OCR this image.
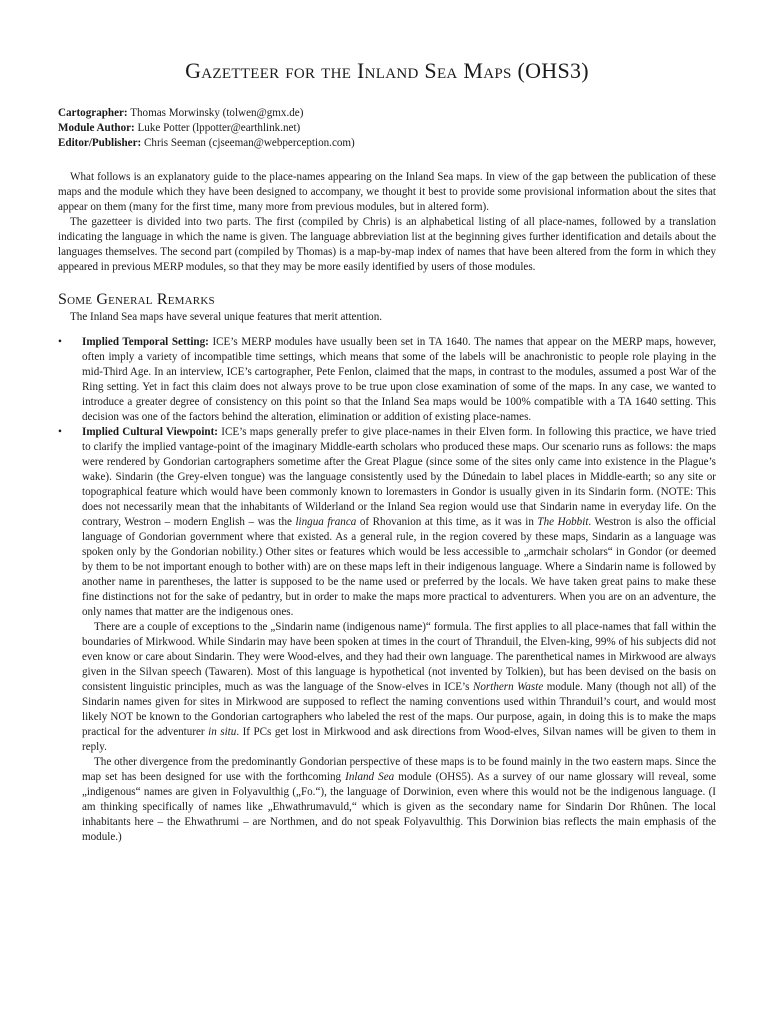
Gazetteer for the Inland Sea Maps (OHS3)
Cartographer: Thomas Morwinsky (tolwen@gmx.de)
Module Author: Luke Potter (lppotter@earthlink.net)
Editor/Publisher: Chris Seeman (cjseeman@webperception.com)

What follows is an explanatory guide to the place-names appearing on the Inland Sea maps. In view of the gap between the publication of these maps and the module which they have been designed to accompany, we thought it best to provide some provisional information about the sites that appear on them (many for the first time, many more from previous modules, but in altered form).

The gazetteer is divided into two parts. The first (compiled by Chris) is an alphabetical listing of all place-names, followed by a translation indicating the language in which the name is given. The language abbreviation list at the beginning gives further identification and details about the languages themselves. The second part (compiled by Thomas) is a map-by-map index of names that have been altered from the form in which they appeared in previous MERP modules, so that they may be more easily identified by users of those modules.

Some General Remarks

The Inland Sea maps have several unique features that merit attention.

• Implied Temporal Setting: ICE’s MERP modules have usually been set in TA 1640. The names that appear on the MERP maps, however, often imply a variety of incompatible time settings, which means that some of the labels will be anachronistic to people role playing in the mid-Third Age. In an interview, ICE’s cartographer, Pete Fenlon, claimed that the maps, in contrast to the modules, assumed a post War of the Ring setting. Yet in fact this claim does not always prove to be true upon close examination of some of the maps. In any case, we wanted to introduce a greater degree of consistency on this point so that the Inland Sea maps would be 100% compatible with a TA 1640 setting. This decision was one of the factors behind the alteration, elimination or addition of existing place-names.
• Implied Cultural Viewpoint: ICE’s maps generally prefer to give place-names in their Elven form. In following this practice, we have tried to clarify the implied vantage-point of the imaginary Middle-earth scholars who produced these maps. Our scenario runs as follows: the maps were rendered by Gondorian cartographers sometime after the Great Plague (since some of the sites only came into existence in the Plague’s wake). Sindarin (the Grey-elven tongue) was the language consistently used by the Dúnedain to label places in Middle-earth; so any site or topographical feature which would have been commonly known to loremasters in Gondor is usually given in its Sindarin form. (NOTE: This does not necessarily mean that the inhabitants of Wilderland or the Inland Sea region would use that Sindarin name in everyday life. On the contrary, Westron – modern English – was the lingua franca of Rhovanion at this time, as it was in The Hobbit. Westron is also the official language of Gondorian government where that existed. As a general rule, in the region covered by these maps, Sindarin as a language was spoken only by the Gondorian nobility.) Other sites or features which would be less accessible to „armchair scholars“ in Gondor (or deemed by them to be not important enough to bother with) are on these maps left in their indigenous language. Where a Sindarin name is followed by another name in parentheses, the latter is supposed to be the name used or preferred by the locals. We have taken great pains to make these fine distinctions not for the sake of pedantry, but in order to make the maps more practical to adventurers. When you are on an adventure, the only names that matter are the indigenous ones.
There are a couple of exceptions to the „Sindarin name (indigenous name)“ formula. The first applies to all place-names that fall within the boundaries of Mirkwood. While Sindarin may have been spoken at times in the court of Thranduil, the Elven-king, 99% of his subjects did not even know or care about Sindarin. They were Wood-elves, and they had their own language. The parenthetical names in Mirkwood are always given in the Silvan speech (Tawaren). Most of this language is hypothetical (not invented by Tolkien), but has been devised on the basis on consistent linguistic principles, much as was the language of the Snow-elves in ICE’s Northern Waste module. Many (though not all) of the Sindarin names given for sites in Mirkwood are supposed to reflect the naming conventions used within Thranduil’s court, and would most likely NOT be known to the Gondorian cartographers who labeled the rest of the maps. Our purpose, again, in doing this is to make the maps practical for the adventurer in situ. If PCs get lost in Mirkwood and ask directions from Wood-elves, Silvan names will be given to them in reply.
The other divergence from the predominantly Gondorian perspective of these maps is to be found mainly in the two eastern maps. Since the map set has been designed for use with the forthcoming Inland Sea module (OHS5). As a survey of our name glossary will reveal, some „indigenous“ names are given in Folyavulthig („Fo.“), the language of Dorwinion, even where this would not be the indigenous language. (I am thinking specifically of names like „Ehwathrumavuld,“ which is given as the secondary name for Sindarin Dor Rhûnen. The local inhabitants here – the Ehwathrumi – are Northmen, and do not speak Folyavulthig. This Dorwinion bias reflects the main emphasis of the module.)
